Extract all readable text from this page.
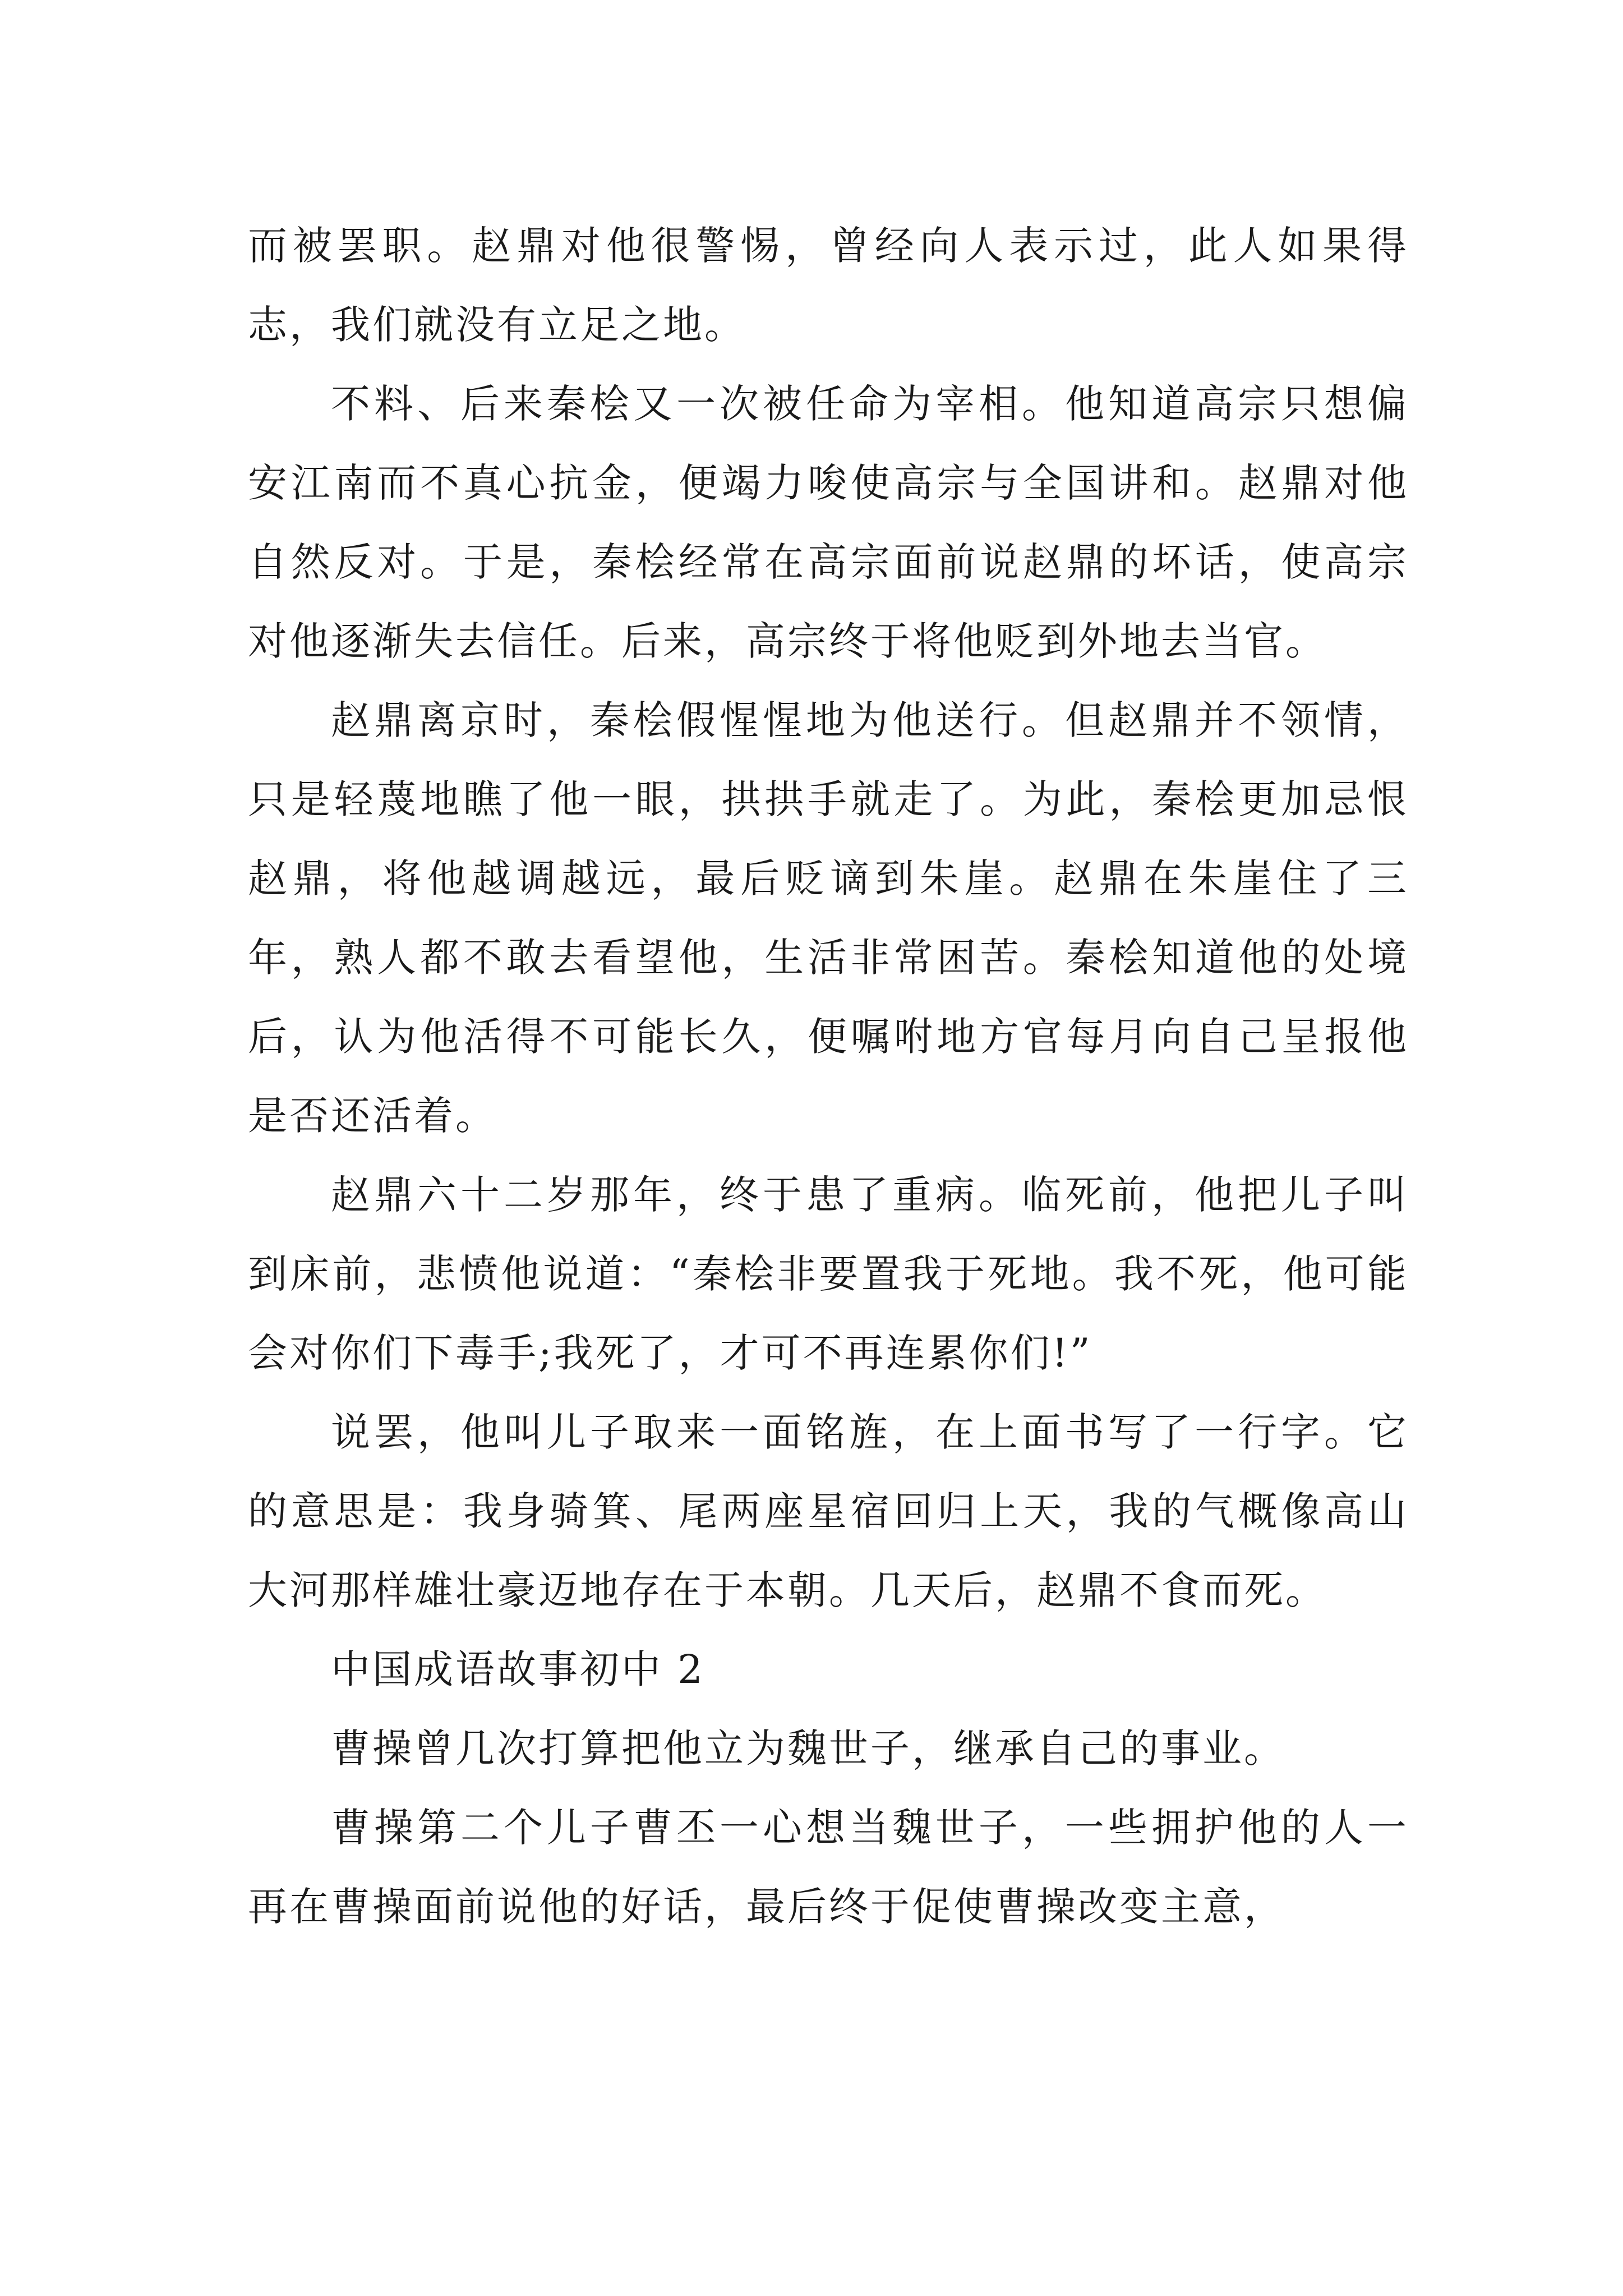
而被罢职。赵鼎对他很警惕，曾经向人表示过，此人如果得志，我们就没有立足之地。

不料、后来秦桧又一次被任命为宰相。他知道高宗只想偏安江南而不真心抗金，便竭力唆使高宗与全国讲和。赵鼎对他自然反对。于是，秦桧经常在高宗面前说赵鼎的坏话，使高宗对他逐渐失去信任。后来，高宗终于将他贬到外地去当官。

赵鼎离京时，秦桧假惺惺地为他送行。但赵鼎并不领情，只是轻蔑地瞧了他一眼，拱拱手就走了。为此，秦桧更加忌恨赵鼎，将他越调越远，最后贬谪到朱崖。赵鼎在朱崖住了三年，熟人都不敢去看望他，生活非常困苦。秦桧知道他的处境后，认为他活得不可能长久，便嘱咐地方官每月向自己呈报他是否还活着。

赵鼎六十二岁那年，终于患了重病。临死前，他把儿子叫到床前，悲愤他说道：“秦桧非要置我于死地。我不死，他可能会对你们下毒手;我死了，才可不再连累你们!”

说罢，他叫儿子取来一面铭旌，在上面书写了一行字。它的意思是：我身骑箕、尾两座星宿回归上天，我的气概像高山大河那样雄壮豪迈地存在于本朝。几天后，赵鼎不食而死。

中国成语故事初中 2

曹操曾几次打算把他立为魏世子，继承自己的事业。

曹操第二个儿子曹丕一心想当魏世子，一些拥护他的人一再在曹操面前说他的好话，最后终于促使曹操改变主意，
